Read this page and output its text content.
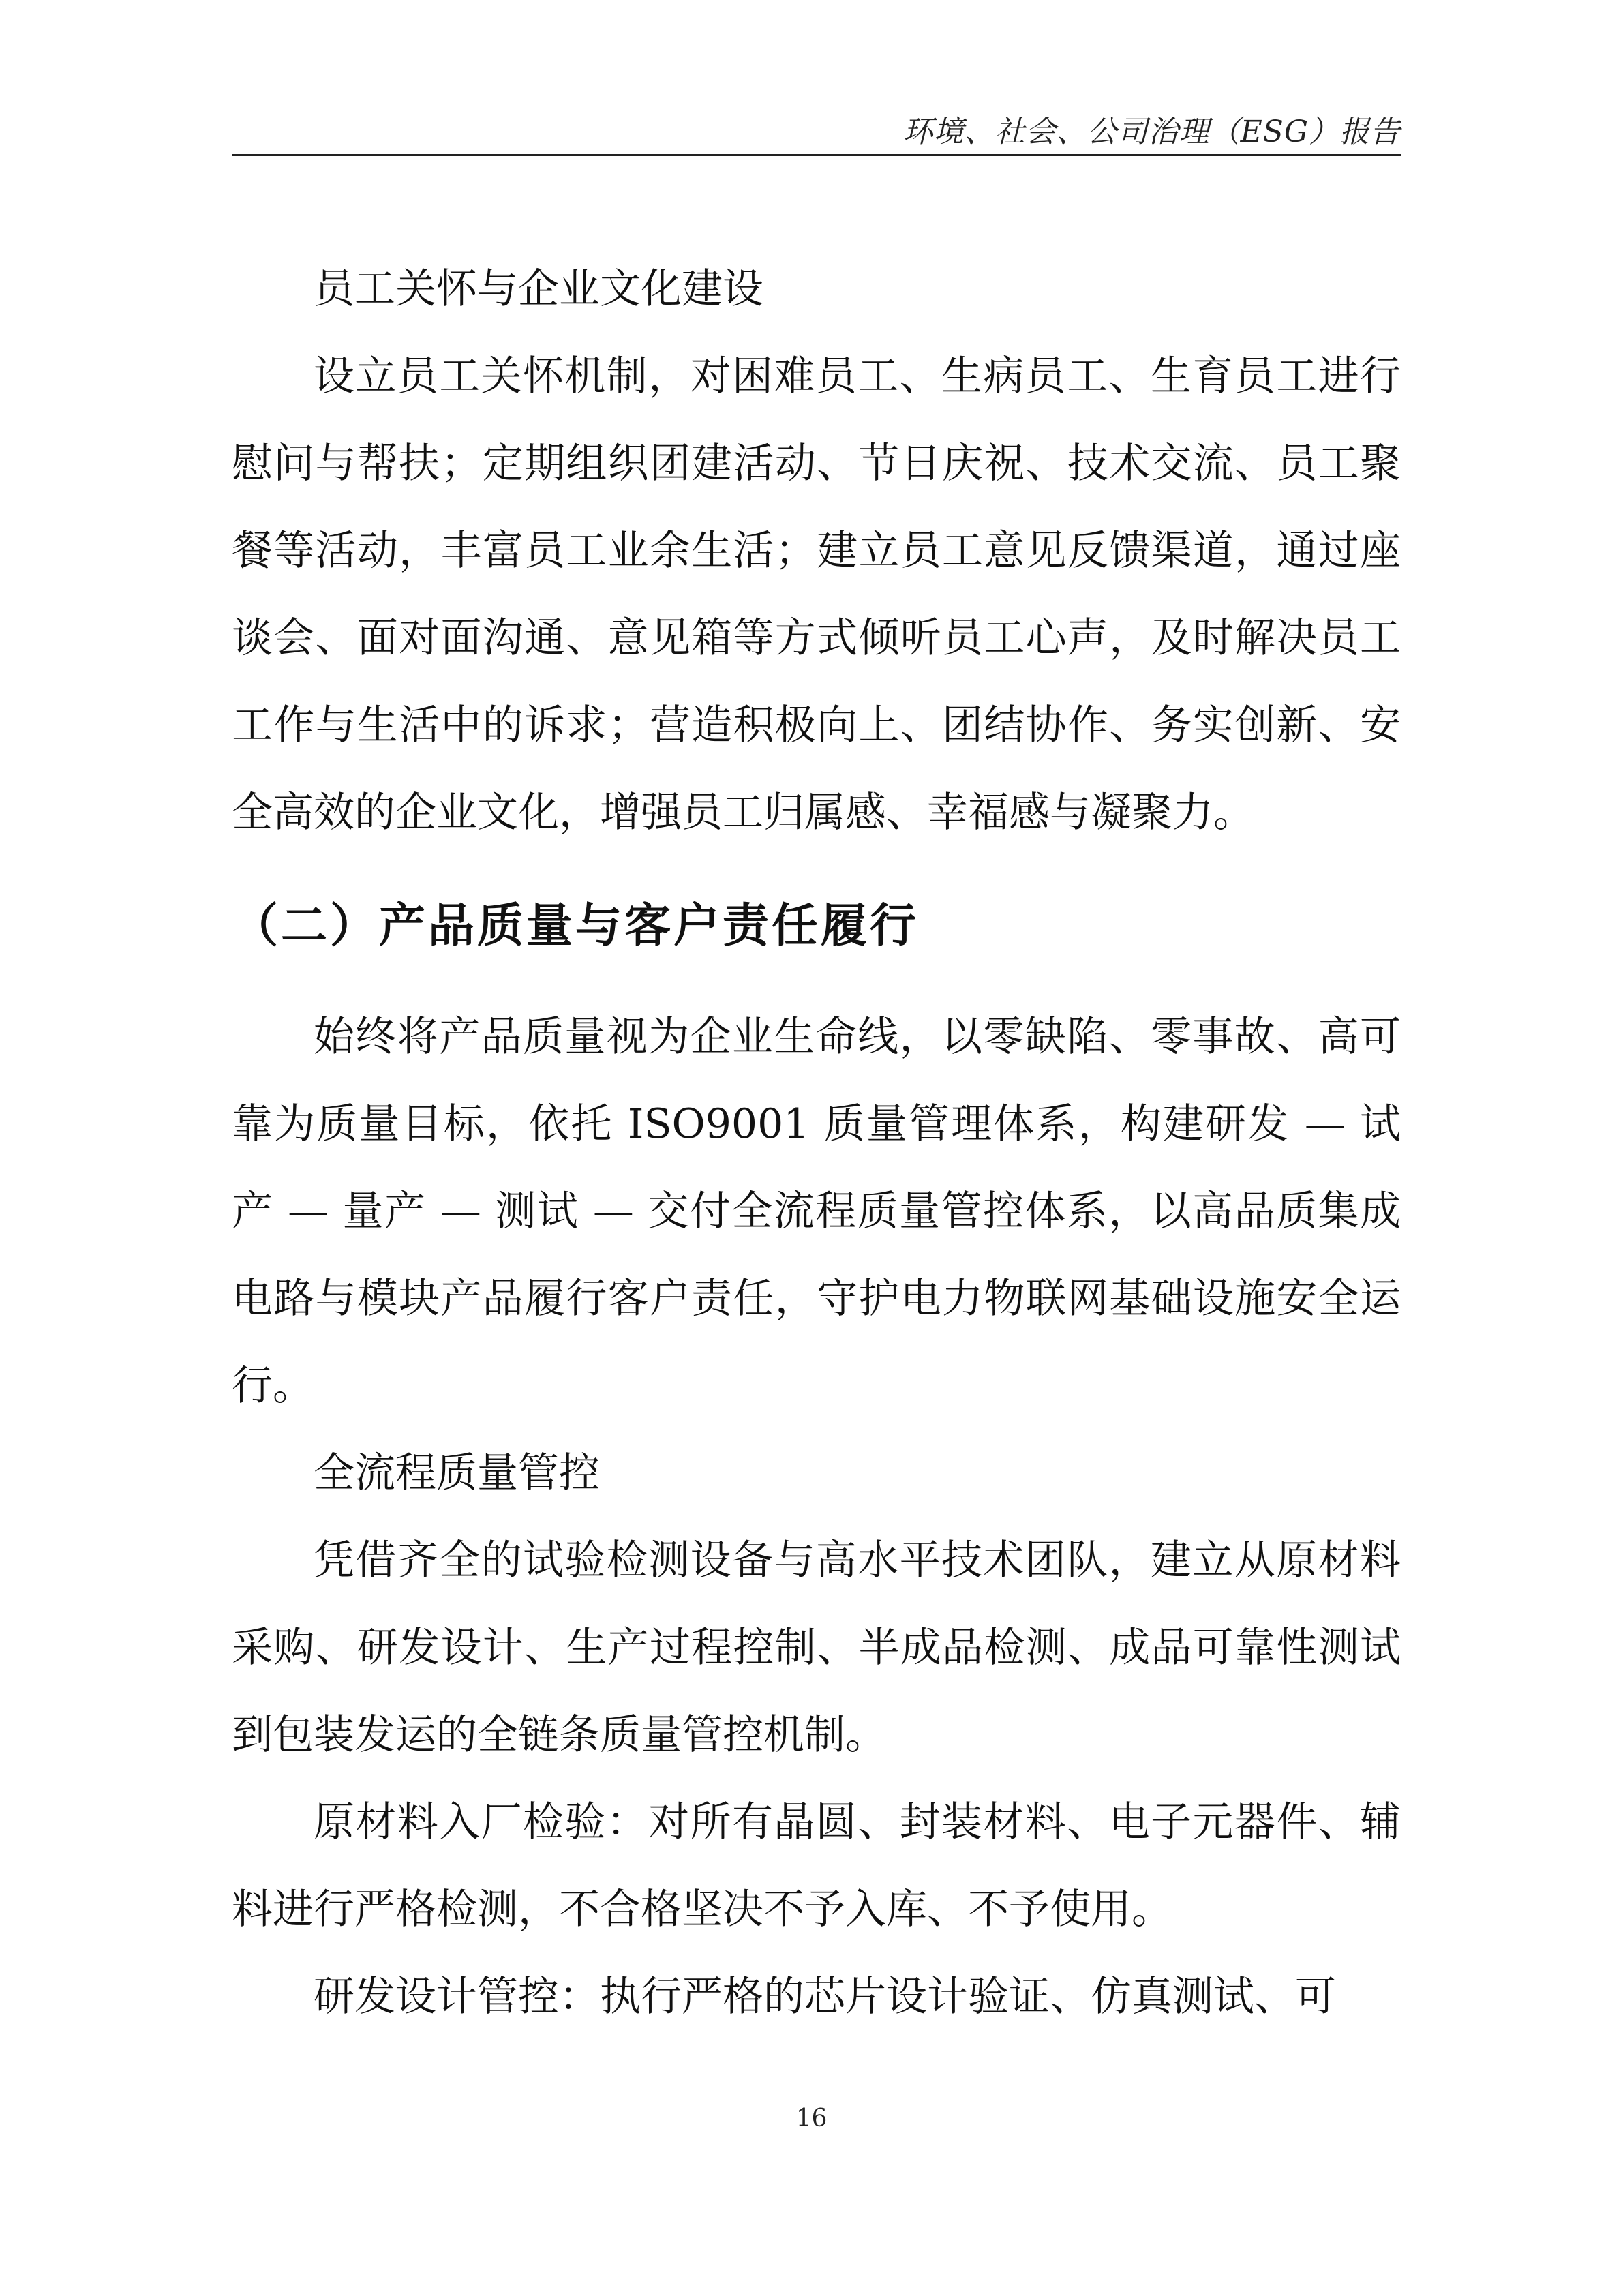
环境、社会、公司治理（ESG）报告

员工关怀与企业文化建设

设立员工关怀机制，对困难员工、生病员工、生育员工进行慰问与帮扶；定期组织团建活动、节日庆祝、技术交流、员工聚餐等活动，丰富员工业余生活；建立员工意见反馈渠道，通过座谈会、面对面沟通、意见箱等方式倾听员工心声，及时解决员工工作与生活中的诉求；营造积极向上、团结协作、务实创新、安全高效的企业文化，增强员工归属感、幸福感与凝聚力。

（二）产品质量与客户责任履行

始终将产品质量视为企业生命线，以零缺陷、零事故、高可靠为质量目标，依托 ISO9001 质量管理体系，构建研发 — 试产 — 量产 — 测试 — 交付全流程质量管控体系，以高品质集成电路与模块产品履行客户责任，守护电力物联网基础设施安全运行。

全流程质量管控

凭借齐全的试验检测设备与高水平技术团队，建立从原材料采购、研发设计、生产过程控制、半成品检测、成品可靠性测试到包装发运的全链条质量管控机制。

原材料入厂检验：对所有晶圆、封装材料、电子元器件、辅料进行严格检测，不合格坚决不予入库、不予使用。

研发设计管控：执行严格的芯片设计验证、仿真测试、可

16
